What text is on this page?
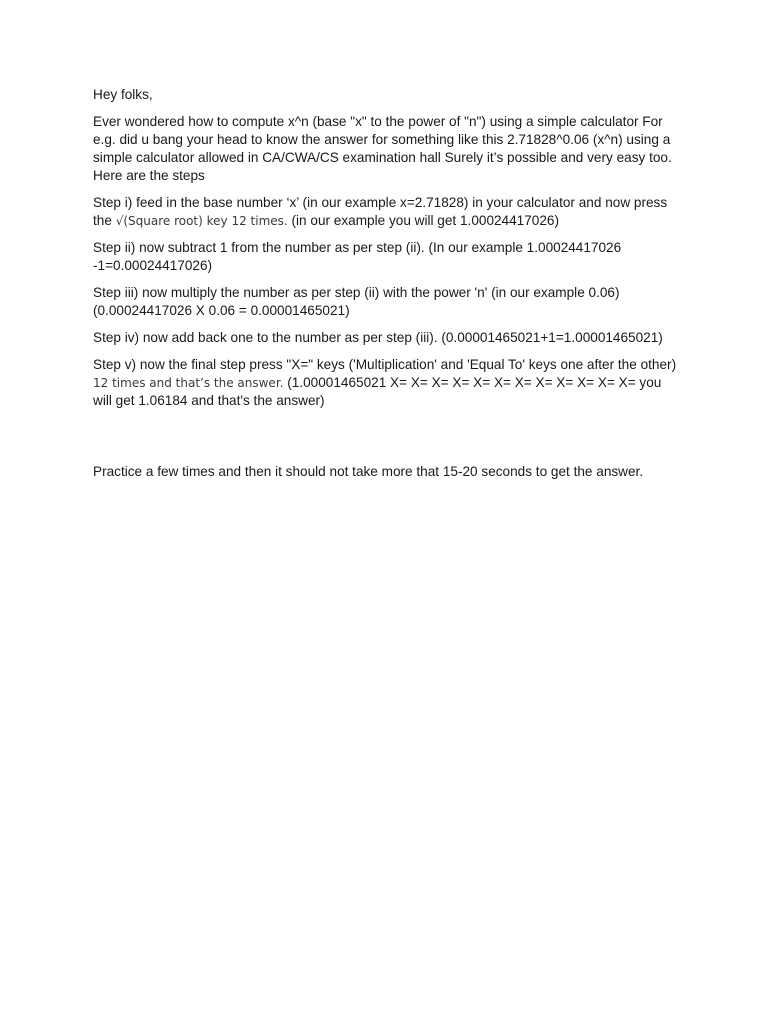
Hey folks,

Ever wondered how to compute x^n (base "x" to the power of "n") using a simple calculator For e.g. did u bang your head to know the answer for something like this 2.71828^0.06 (x^n) using a simple calculator allowed in CA/CWA/CS examination hall Surely it’s possible and very easy too. Here are the steps

Step i) feed in the base number ‘x’ (in our example x=2.71828) in your calculator and now press the √(Square root) key 12 times. (in our example you will get 1.00024417026)

Step ii) now subtract 1 from the number as per step (ii). (In our example 1.00024417026 -1=0.00024417026)

Step iii) now multiply the number as per step (ii) with the power 'n' (in our example 0.06) (0.00024417026 X 0.06 = 0.00001465021)

Step iv) now add back one to the number as per step (iii). (0.00001465021+1=1.00001465021)

Step v) now the final step press "X=" keys ('Multiplication' and 'Equal To' keys one after the other) 12 times and that’s the answer. (1.00001465021 X= X= X= X= X= X= X= X= X= X= X= X= you will get 1.06184 and that's the answer)

Practice a few times and then it should not take more that 15-20 seconds to get the answer.
